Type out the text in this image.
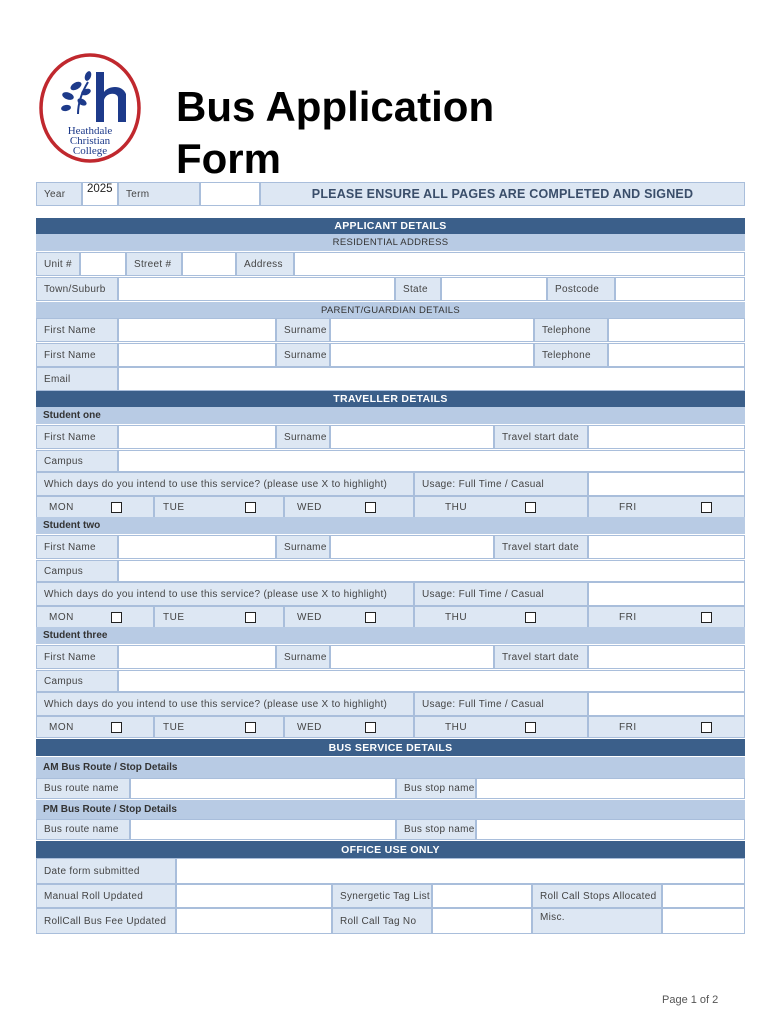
Heathdale
Christian
College
Bus Application
Form
Year	2025	Term	PLEASE ENSURE ALL PAGES ARE COMPLETED AND SIGNED
APPLICANT DETAILS
RESIDENTIAL ADDRESS
Unit #	Street #	Address
Town/Suburb	State	Postcode
PARENT/GUARDIAN DETAILS
First Name	Surname	Telephone
First Name	Surname	Telephone
Email
TRAVELLER DETAILS
Student one
First Name	Surname	Travel start date
Campus
Which days do you intend to use this service? (please use X to highlight)	Usage: Full Time / Casual
MON	TUE	WED	THU	FRI
Student two
First Name	Surname	Travel start date
Campus
Which days do you intend to use this service? (please use X to highlight)	Usage: Full Time / Casual
MON	TUE	WED	THU	FRI
Student three
First Name	Surname	Travel start date
Campus
Which days do you intend to use this service? (please use X to highlight)	Usage: Full Time / Casual
MON	TUE	WED	THU	FRI
BUS SERVICE DETAILS
AM Bus Route / Stop Details
Bus route name	Bus stop name
PM Bus Route / Stop Details
Bus route name	Bus stop name
OFFICE USE ONLY
Date form submitted
Manual Roll Updated	Synergetic Tag List	Roll Call Stops Allocated
RollCall Bus Fee Updated	Roll Call Tag No	Misc.
Page 1 of 2
